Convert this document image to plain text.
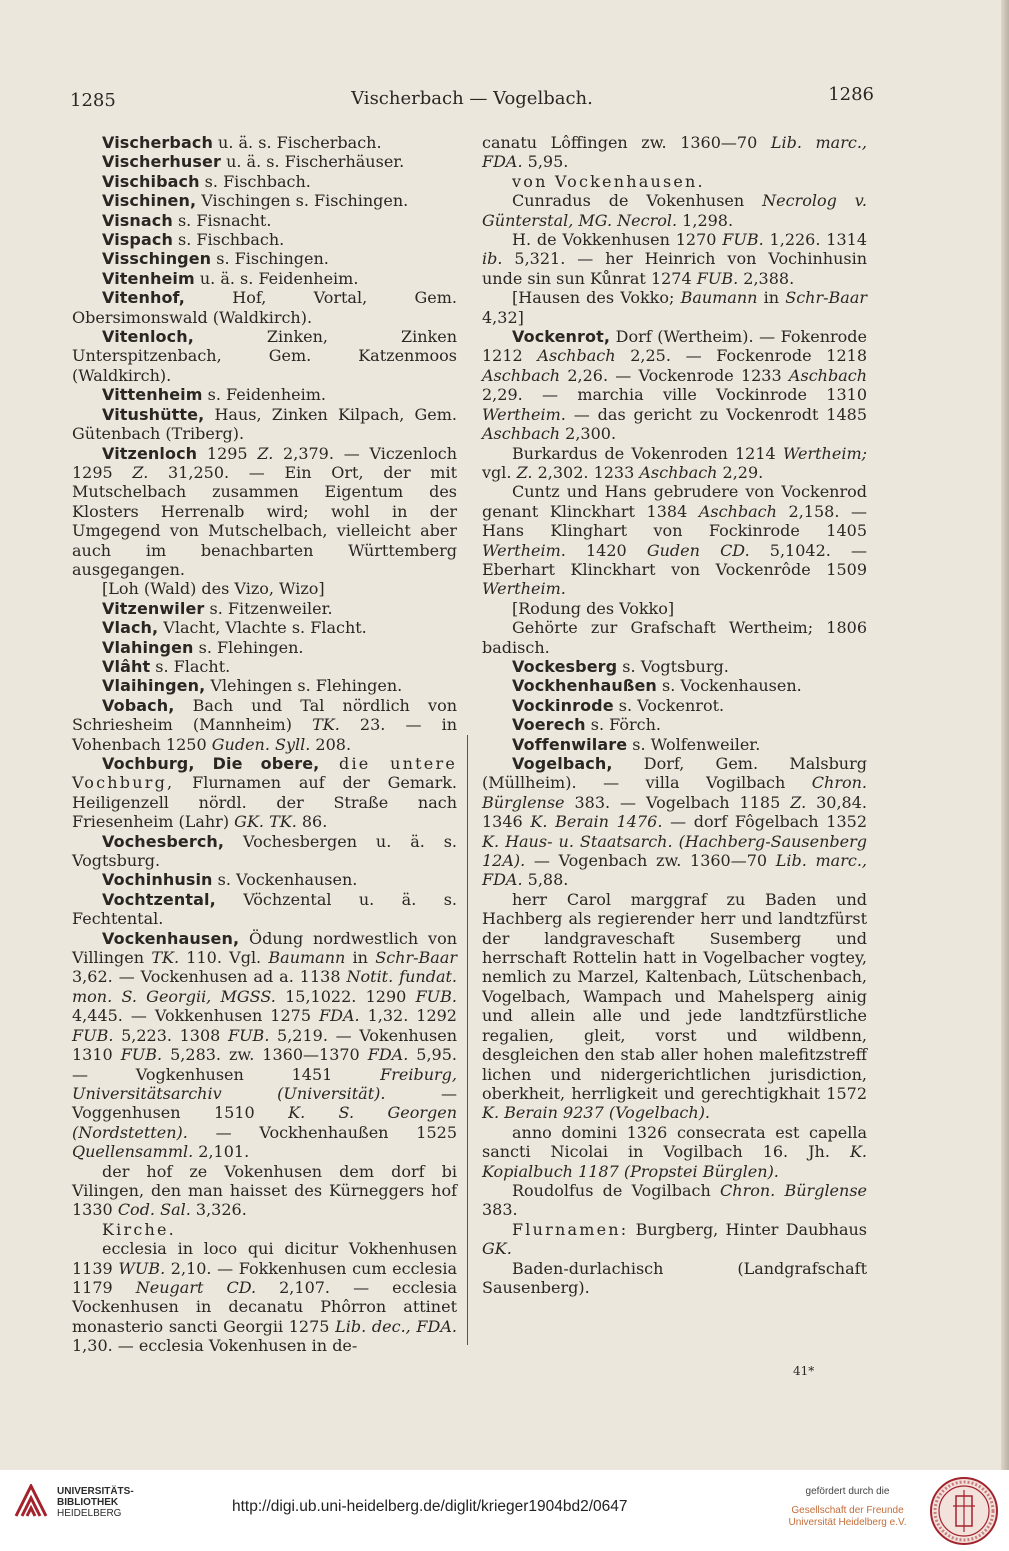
1285	Vischerbach — Vogelbach.	1286

Vischerbach u. ä. s. Fischerbach.

Vischerhuser u. ä. s. Fischerhäuser.

Vischibach s. Fischbach.

Vischinen, Vischingen s. Fischingen.

Visnach s. Fisnacht.

Vispach s. Fischbach.

Visschingen s. Fischingen.

Vitenheim u. ä. s. Feidenheim.

Vitenhof, Hof, Vortal, Gem. Obersimonswald (Waldkirch).

Vitenloch, Zinken, Zinken Unterspitzenbach, Gem. Katzenmoos (Waldkirch).

Vittenheim s. Feidenheim.

Vitushütte, Haus, Zinken Kilpach, Gem. Gütenbach (Triberg).

Vitzenloch 1295 Z. 2,379. — Viczenloch 1295 Z. 31,250. — Ein Ort, der mit Mutschelbach zusammen Eigentum des Klosters Herrenalb wird; wohl in der Umgegend von Mutschelbach, vielleicht aber auch im benachbarten Württemberg ausgegangen.

[Loh (Wald) des Vizo, Wizo]

Vitzenwiler s. Fitzenweiler.

Vlach, Vlacht, Vlachte s. Flacht.

Vlahingen s. Flehingen.

Vlâht s. Flacht.

Vlaihingen, Vlehingen s. Flehingen.

Vobach, Bach und Tal nördlich von Schriesheim (Mannheim) TK. 23. — in Vohenbach 1250 Guden. Syll. 208.

Vochburg, Die obere, die untere Vochburg, Flurnamen auf der Gemark. Heiligenzell nördl. der Straße nach Friesenheim (Lahr) GK. TK. 86.

Vochesberch, Vochesbergen u. ä. s. Vogtsburg.

Vochinhusin s. Vockenhausen.

Vochtzental, Vöchzental u. ä. s. Fechtental.

Vockenhausen, Ödung nordwestlich von Villingen TK. 110. Vgl. Baumann in Schr-Baar 3,62. — Vockenhusen ad a. 1138 Notit. fundat. mon. S. Georgii, MGSS. 15,1022. 1290 FUB. 4,445. — Vokkenhusen 1275 FDA. 1,32. 1292 FUB. 5,223. 1308 FUB. 5,219. — Vokenhusen 1310 FUB. 5,283. zw. 1360—1370 FDA. 5,95. — Vogkenhusen 1451 Freiburg, Universitätsarchiv (Universität). — Voggenhusen 1510 K. S. Georgen (Nordstetten). — Vockhenhaußen 1525 Quellensamml. 2,101.

der hof ze Vokenhusen dem dorf bi Vilingen, den man haisset des Kürneggers hof 1330 Cod. Sal. 3,326.

Kirche.

ecclesia in loco qui dicitur Vokhenhusen 1139 WUB. 2,10. — Fokkenhusen cum ecclesia 1179 Neugart CD. 2,107. — ecclesia Vockenhusen in decanatu Phôrron attinet monasterio sancti Georgii 1275 Lib. dec., FDA. 1,30. — ecclesia Vokenhusen in de-

canatu Lôffingen zw. 1360—70 Lib. marc., FDA. 5,95.

von Vockenhausen.

Cunradus de Vokenhusen Necrolog v. Günterstal, MG. Necrol. 1,298.

H. de Vokkenhusen 1270 FUB. 1,226. 1314 ib. 5,321. — her Heinrich von Vochinhusin unde sin sun Kůnrat 1274 FUB. 2,388.

[Hausen des Vokko; Baumann in Schr-Baar 4,32]

Vockenrot, Dorf (Wertheim). — Fokenrode 1212 Aschbach 2,25. — Fockenrode 1218 Aschbach 2,26. — Vockenrode 1233 Aschbach 2,29. — marchia ville Vockinrode 1310 Wertheim. — das gericht zu Vockenrodt 1485 Aschbach 2,300.

Burkardus de Vokenroden 1214 Wertheim; vgl. Z. 2,302. 1233 Aschbach 2,29.

Cuntz und Hans gebrudere von Vockenrod genant Klinckhart 1384 Aschbach 2,158. — Hans Klinghart von Fockinrode 1405 Wertheim. 1420 Guden CD. 5,1042. — Eberhart Klinckhart von Vockenrôde 1509 Wertheim.

[Rodung des Vokko]

Gehörte zur Grafschaft Wertheim; 1806 badisch.

Vockesberg s. Vogtsburg.

Vockhenhaußen s. Vockenhausen.

Vockinrode s. Vockenrot.

Voerech s. Förch.

Voffenwilare s. Wolfenweiler.

Vogelbach, Dorf, Gem. Malsburg (Müllheim). — villa Vogilbach Chron. Bürglense 383. — Vogelbach 1185 Z. 30,84. 1346 K. Berain 1476. — dorf Fôgelbach 1352 K. Haus- u. Staatsarch. (Hachberg-Sausenberg 12A). — Vogenbach zw. 1360—70 Lib. marc., FDA. 5,88.

herr Carol marggraf zu Baden und Hachberg als regierender herr und landtzfürst der landgraveschaft Susemberg und herrschaft Rottelin hatt in Vogelbacher vogtey, nemlich zu Marzel, Kaltenbach, Lütschenbach, Vogelbach, Wampach und Mahelsperg ainig und allein alle und jede landtzfürstliche regalien, gleit, vorst und wildbenn, desgleichen den stab aller hohen malefitzstreff lichen und nidergerichtlichen jurisdiction, oberkheit, herrligkeit und gerechtigkhait 1572 K. Berain 9237 (Vogelbach).

anno domini 1326 consecrata est capella sancti Nicolai in Vogilbach 16. Jh. K. Kopialbuch 1187 (Propstei Bürglen).

Roudolfus de Vogilbach Chron. Bürglense 383.

Flurnamen: Burgberg, Hinter Daubhaus GK.

Baden-durlachisch (Landgrafschaft Sausenberg).

41*
UNIVERSITÄTS-
BIBLIOTHEK
HEIDELBERG	http://digi.ub.uni-heidelberg.de/diglit/krieger1904bd2/0647
gefördert durch die
Gesellschaft der Freunde
Universität Heidelberg e.V.
